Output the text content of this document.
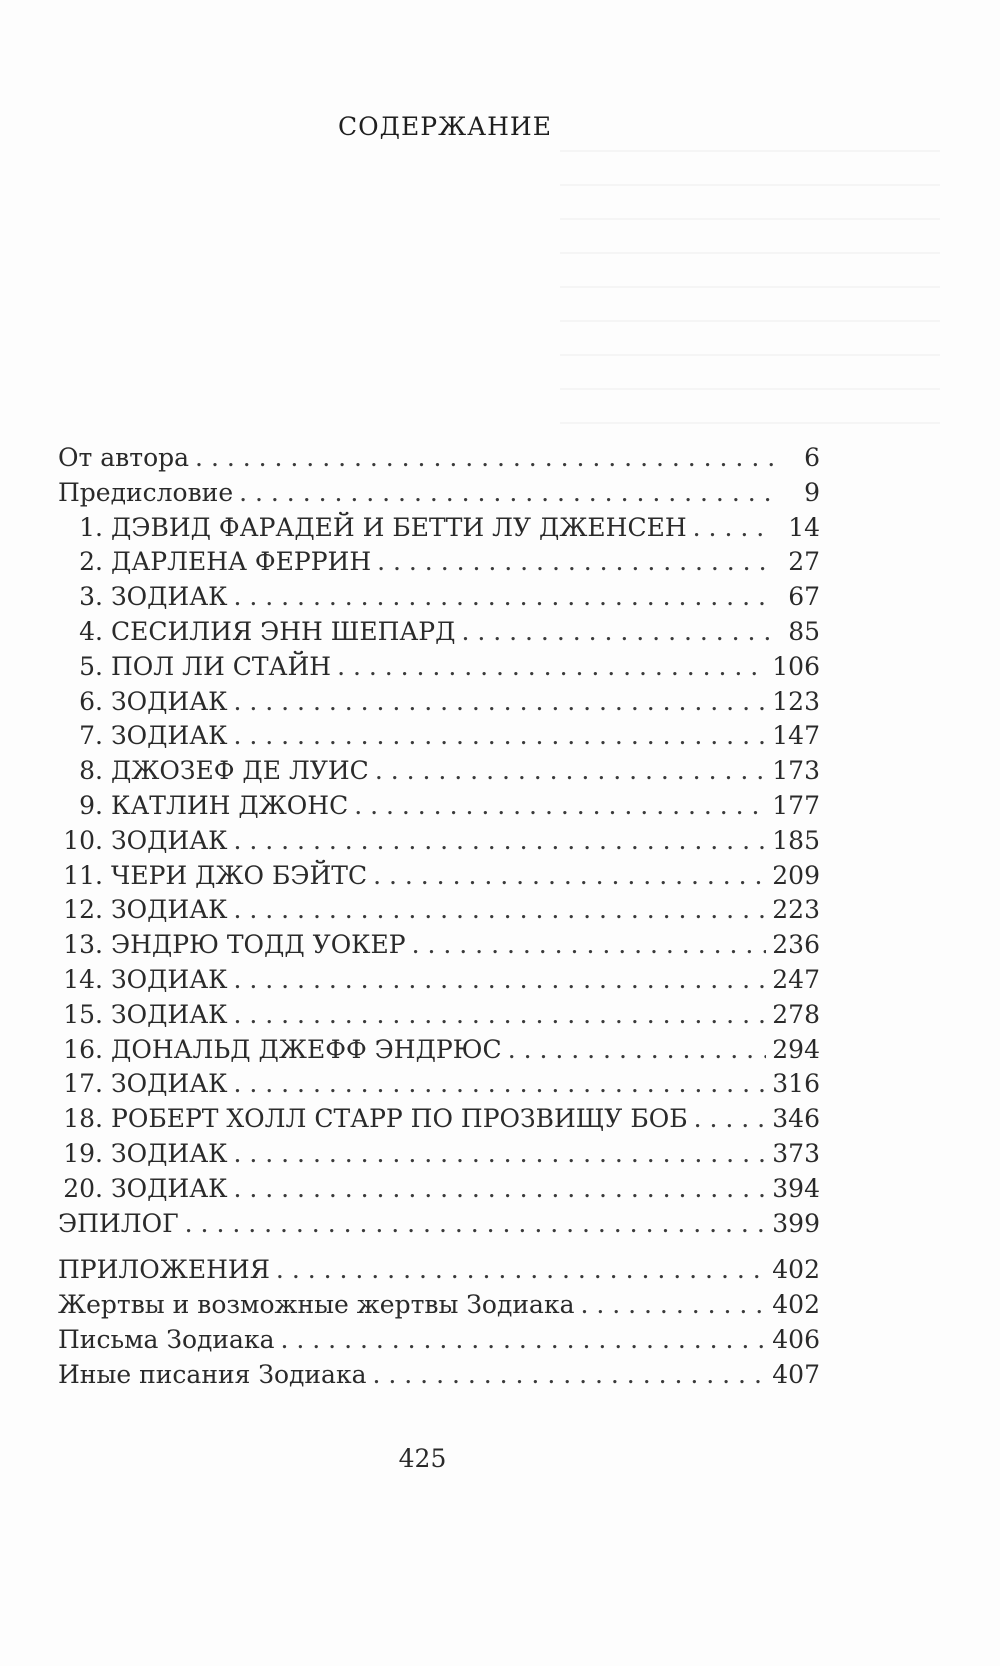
СОДЕРЖАНИЕ
От автора . . .	6
Предисловие . . .	9
1. ДЭВИД ФАРАДЕЙ И БЕТТИ ЛУ ДЖЕНСЕН . . .	14
2. ДАРЛЕНА ФЕРРИН . . .	27
3. ЗОДИАК . . .	67
4. СЕСИЛИЯ ЭНН ШЕПАРД . . .	85
5. ПОЛ ЛИ СТАЙН . . .	106
6. ЗОДИАК . . .	123
7. ЗОДИАК . . .	147
8. ДЖОЗЕФ ДЕ ЛУИС . . .	173
9. КАТЛИН ДЖОНС . . .	177
10. ЗОДИАК . . .	185
11. ЧЕРИ ДЖО БЭЙТС . . .	209
12. ЗОДИАК . . .	223
13. ЭНДРЮ ТОДД УОКЕР . . .	236
14. ЗОДИАК . . .	247
15. ЗОДИАК . . .	278
16. ДОНАЛЬД ДЖЕФФ ЭНДРЮС . . .	294
17. ЗОДИАК . . .	316
18. РОБЕРТ ХОЛЛ СТАРР ПО ПРОЗВИЩУ БОБ . . .	346
19. ЗОДИАК . . .	373
20. ЗОДИАК . . .	394
ЭПИЛОГ . . .	399
ПРИЛОЖЕНИЯ . . .	402
Жертвы и возможные жертвы Зодиака . . .	402
Письма Зодиака . . .	406
Иные писания Зодиака . . .	407
425
